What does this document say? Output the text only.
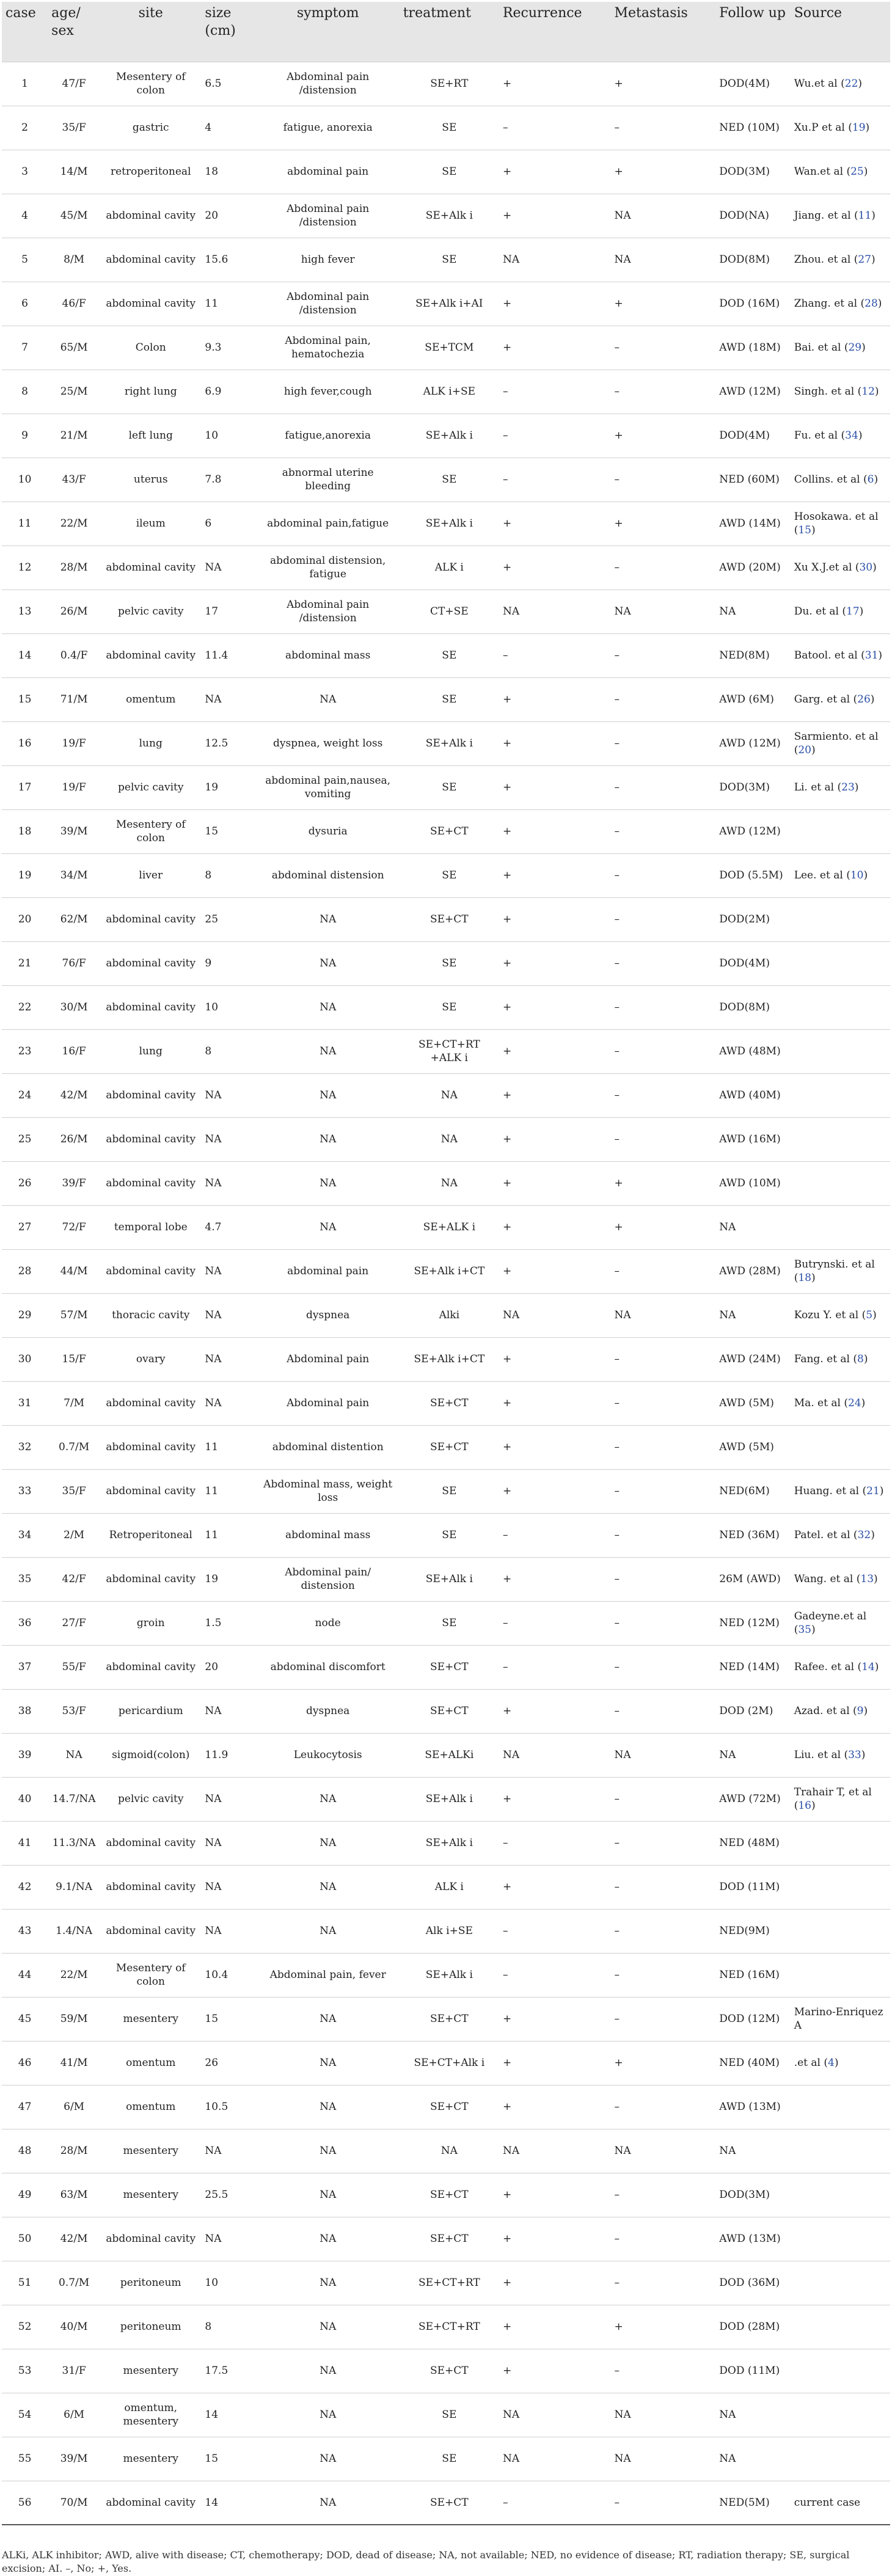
case	age/ sex	site	size (cm)	symptom	treatment	Recurrence	Metastasis	Follow up	Source
1	47/F	Mesentery of colon	6.5	Abdominal pain /distension	SE+RT	+	+	DOD(4M)	Wu.et al (22)
2	35/F	gastric	4	fatigue, anorexia	SE	–	–	NED (10M)	Xu.P et al (19)
3	14/M	retroperitoneal	18	abdominal pain	SE	+	+	DOD(3M)	Wan.et al (25)
4	45/M	abdominal cavity	20	Abdominal pain /distension	SE+Alk i	+	NA	DOD(NA)	Jiang. et al (11)
5	8/M	abdominal cavity	15.6	high fever	SE	NA	NA	DOD(8M)	Zhou. et al (27)
6	46/F	abdominal cavity	11	Abdominal pain /distension	SE+Alk i+AI	+	+	DOD (16M)	Zhang. et al (28)
7	65/M	Colon	9.3	Abdominal pain, hematochezia	SE+TCM	+	–	AWD (18M)	Bai. et al (29)
8	25/M	right lung	6.9	high fever,cough	ALK i+SE	–	–	AWD (12M)	Singh. et al (12)
9	21/M	left lung	10	fatigue,anorexia	SE+Alk i	–	+	DOD(4M)	Fu. et al (34)
10	43/F	uterus	7.8	abnormal uterine bleeding	SE	–	–	NED (60M)	Collins. et al (6)
11	22/M	ileum	6	abdominal pain,fatigue	SE+Alk i	+	+	AWD (14M)	Hosokawa. et al (15)
12	28/M	abdominal cavity	NA	abdominal distension, fatigue	ALK i	+	–	AWD (20M)	Xu X.J.et al (30)
13	26/M	pelvic cavity	17	Abdominal pain /distension	CT+SE	NA	NA	NA	Du. et al (17)
14	0.4/F	abdominal cavity	11.4	abdominal mass	SE	–	–	NED(8M)	Batool. et al (31)
15	71/M	omentum	NA	NA	SE	+	–	AWD (6M)	Garg. et al (26)
16	19/F	lung	12.5	dyspnea, weight loss	SE+Alk i	+	–	AWD (12M)	Sarmiento. et al (20)
17	19/F	pelvic cavity	19	abdominal pain,nausea, vomiting	SE	+	–	DOD(3M)	Li. et al (23)
18	39/M	Mesentery of colon	15	dysuria	SE+CT	+	–	AWD (12M)	
19	34/M	liver	8	abdominal distension	SE	+	–	DOD (5.5M)	Lee. et al (10)
20	62/M	abdominal cavity	25	NA	SE+CT	+	–	DOD(2M)	
21	76/F	abdominal cavity	9	NA	SE	+	–	DOD(4M)	
22	30/M	abdominal cavity	10	NA	SE	+	–	DOD(8M)	
23	16/F	lung	8	NA	SE+CT+RT +ALK i	+	–	AWD (48M)	
24	42/M	abdominal cavity	NA	NA	NA	+	–	AWD (40M)	
25	26/M	abdominal cavity	NA	NA	NA	+	–	AWD (16M)	
26	39/F	abdominal cavity	NA	NA	NA	+	+	AWD (10M)	
27	72/F	temporal lobe	4.7	NA	SE+ALK i	+	+	NA	
28	44/M	abdominal cavity	NA	abdominal pain	SE+Alk i+CT	+	–	AWD (28M)	Butrynski. et al (18)
29	57/M	thoracic cavity	NA	dyspnea	Alki	NA	NA	NA	Kozu Y. et al (5)
30	15/F	ovary	NA	Abdominal pain	SE+Alk i+CT	+	–	AWD (24M)	Fang. et al (8)
31	7/M	abdominal cavity	NA	Abdominal pain	SE+CT	+	–	AWD (5M)	Ma. et al (24)
32	0.7/M	abdominal cavity	11	abdominal distention	SE+CT	+	–	AWD (5M)	
33	35/F	abdominal cavity	11	Abdominal mass, weight loss	SE	+	–	NED(6M)	Huang. et al (21)
34	2/M	Retroperitoneal	11	abdominal mass	SE	–	–	NED (36M)	Patel. et al (32)
35	42/F	abdominal cavity	19	Abdominal pain/ distension	SE+Alk i	+	–	26M (AWD)	Wang. et al (13)
36	27/F	groin	1.5	node	SE	–	–	NED (12M)	Gadeyne.et al (35)
37	55/F	abdominal cavity	20	abdominal discomfort	SE+CT	–	–	NED (14M)	Rafee. et al (14)
38	53/F	pericardium	NA	dyspnea	SE+CT	+	–	DOD (2M)	Azad. et al (9)
39	NA	sigmoid(colon)	11.9	Leukocytosis	SE+ALKi	NA	NA	NA	Liu. et al (33)
40	14.7/NA	pelvic cavity	NA	NA	SE+Alk i	+	–	AWD (72M)	Trahair T, et al (16)
41	11.3/NA	abdominal cavity	NA	NA	SE+Alk i	–	–	NED (48M)	
42	9.1/NA	abdominal cavity	NA	NA	ALK i	+	–	DOD (11M)	
43	1.4/NA	abdominal cavity	NA	NA	Alk i+SE	–	–	NED(9M)	
44	22/M	Mesentery of colon	10.4	Abdominal pain, fever	SE+Alk i	–	–	NED (16M)	
45	59/M	mesentery	15	NA	SE+CT	+	–	DOD (12M)	Marino-Enriquez A
46	41/M	omentum	26	NA	SE+CT+Alk i	+	+	NED (40M)	.et al (4)
47	6/M	omentum	10.5	NA	SE+CT	+	–	AWD (13M)	
48	28/M	mesentery	NA	NA	NA	NA	NA	NA	
49	63/M	mesentery	25.5	NA	SE+CT	+	–	DOD(3M)	
50	42/M	abdominal cavity	NA	NA	SE+CT	+	–	AWD (13M)	
51	0.7/M	peritoneum	10	NA	SE+CT+RT	+	–	DOD (36M)	
52	40/M	peritoneum	8	NA	SE+CT+RT	+	+	DOD (28M)	
53	31/F	mesentery	17.5	NA	SE+CT	+	–	DOD (11M)	
54	6/M	omentum, mesentery	14	NA	SE	NA	NA	NA	
55	39/M	mesentery	15	NA	SE	NA	NA	NA	
56	70/M	abdominal cavity	14	NA	SE+CT	–	–	NED(5M)	current case
ALKi, ALK inhibitor; AWD, alive with disease; CT, chemotherapy; DOD, dead of disease; NA, not available; NED, no evidence of disease; RT, radiation therapy; SE, surgical excision; AI. –, No; +, Yes.
